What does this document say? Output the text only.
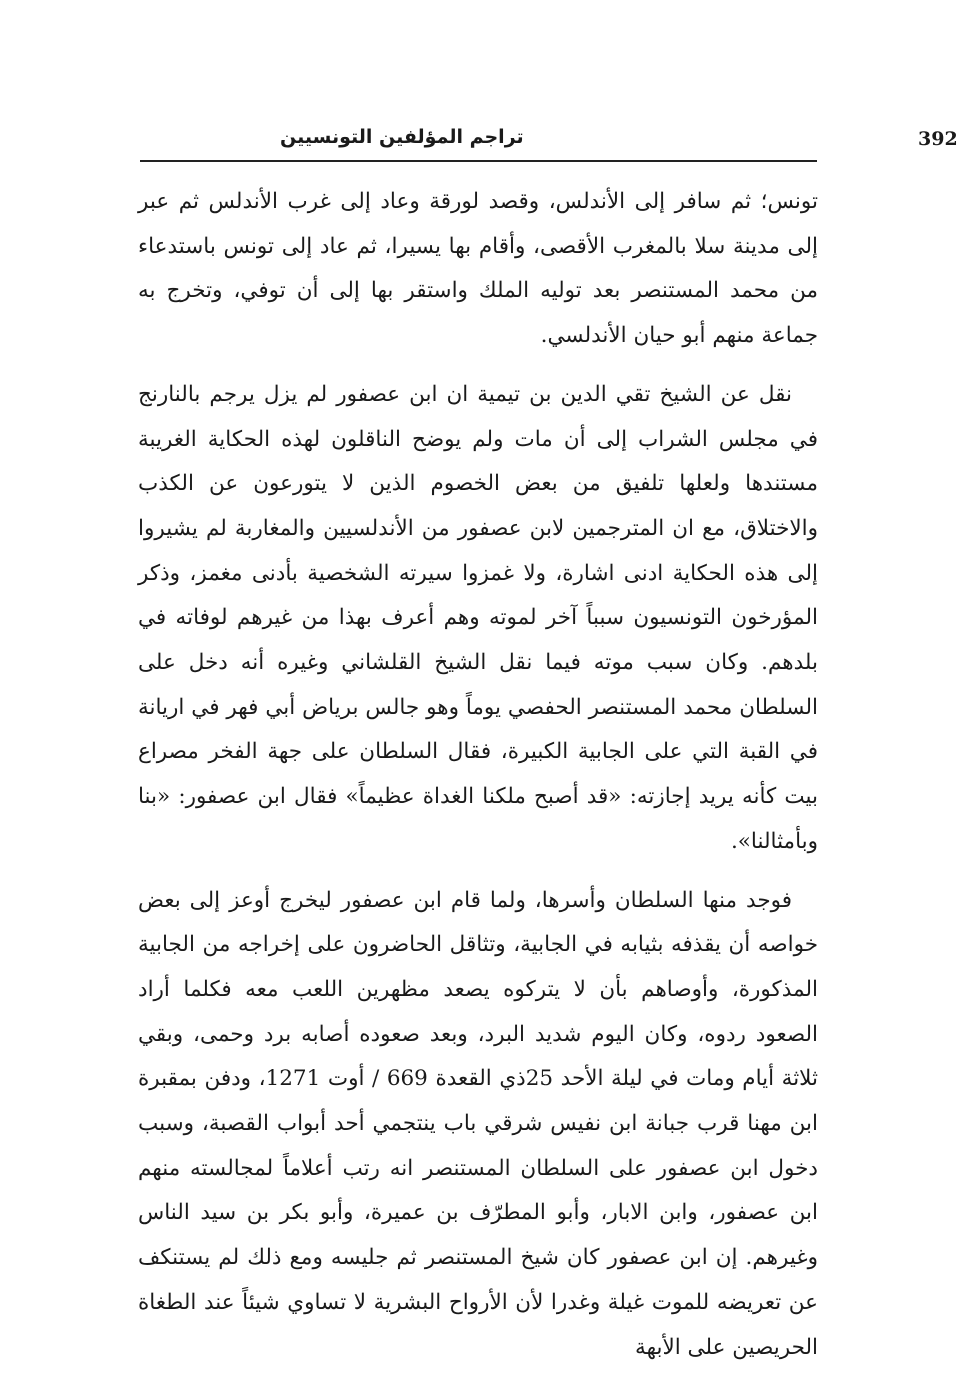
392
تراجم المؤلفين التونسيين

تونس؛ ثم سافر إلى الأندلس، وقصد لورقة وعاد إلى غرب الأندلس ثم عبر إلى مدينة سلا بالمغرب الأقصى، وأقام بها يسيرا، ثم عاد إلى تونس باستدعاء من محمد المستنصر بعد توليه الملك واستقر بها إلى أن توفي، وتخرج به جماعة منهم أبو حيان الأندلسي.

نقل عن الشيخ تقي الدين بن تيمية ان ابن عصفور لم يزل يرجم بالنارنج في مجلس الشراب إلى أن مات ولم يوضح الناقلون لهذه الحكاية الغريبة مستندها ولعلها تلفيق من بعض الخصوم الذين لا يتورعون عن الكذب والاختلاق، مع ان المترجمين لابن عصفور من الأندلسيين والمغاربة لم يشيروا إلى هذه الحكاية ادنى اشارة، ولا غمزوا سيرته الشخصية بأدنى مغمز، وذكر المؤرخون التونسيون سبباً آخر لموته وهم أعرف بهذا من غيرهم لوفاته في بلدهم. وكان سبب موته فيما نقل الشيخ القلشاني وغيره أنه دخل على السلطان محمد المستنصر الحفصي يوماً وهو جالس برياض أبي فهر في اريانة في القبة التي على الجابية الكبيرة، فقال السلطان على جهة الفخر مصراع بيت كأنه يريد إجازته: «قد أصبح ملكنا الغداة عظيماً» فقال ابن عصفور: «بنا وبأمثالنا».

فوجد منها السلطان وأسرها، ولما قام ابن عصفور ليخرج أوعز إلى بعض خواصه أن يقذفه بثيابه في الجابية، وتثاقل الحاضرون على إخراجه من الجابية المذكورة، وأوصاهم بأن لا يتركوه يصعد مظهرين اللعب معه فكلما أراد الصعود ردوه، وكان اليوم شديد البرد، وبعد صعوده أصابه برد وحمى، وبقي ثلاثة أيام ومات في ليلة الأحد 25ذي القعدة 669 / أوت 1271، ودفن بمقبرة ابن مهنا قرب جبانة ابن نفيس شرقي باب ينتجمي أحد أبواب القصبة، وسبب دخول ابن عصفور على السلطان المستنصر انه رتب أعلاماً لمجالسته منهم ابن عصفور، وابن الابار، وأبو المطرّف بن عميرة، وأبو بكر بن سيد الناس وغيرهم. إن ابن عصفور كان شيخ المستنصر ثم جليسه ومع ذلك لم يستنكف عن تعريضه للموت غيلة وغدرا لأن الأرواح البشرية لا تساوي شيئاً عند الطغاة الحريصين على الأبهة
